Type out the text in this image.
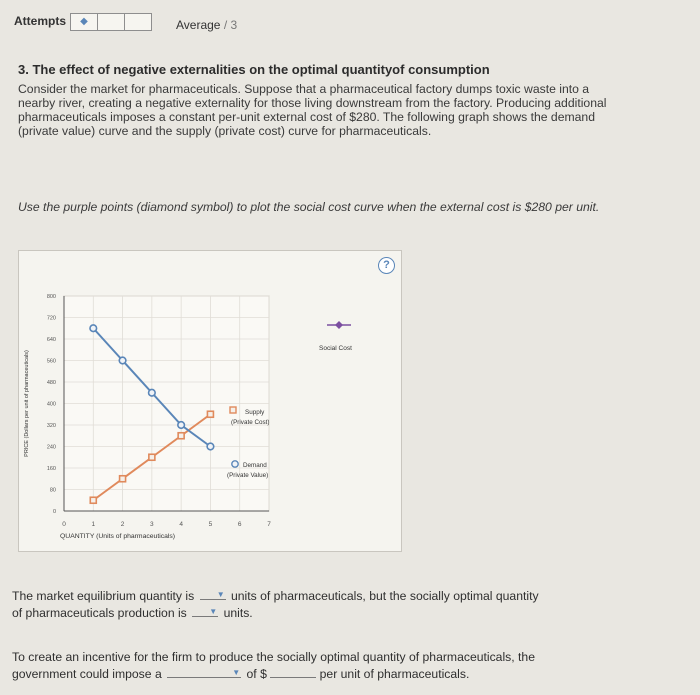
Attempts	◆	Average / 3
3. The effect of negative externalities on the optimal quantityof consumption
Consider the market for pharmaceuticals. Suppose that a pharmaceutical factory dumps toxic waste into a nearby river, creating a negative externality for those living downstream from the factory. Producing additional pharmaceuticals imposes a constant per-unit external cost of $280. The following graph shows the demand (private value) curve and the supply (private cost) curve for pharmaceuticals.
Use the purple points (diamond symbol) to plot the social cost curve when the external cost is $280 per unit.
?
0
80
160
240
320
400
480
560
640
720
800
0	1	2	3	4	5	6	7
QUANTITY (Units of pharmaceuticals)
PRICE (Dollars per unit of pharmaceuticals)
Social Cost
Supply
(Private Cost)
Demand
(Private Value)
The market equilibrium quantity is	▼ units of pharmaceuticals, but the socially optimal quantity
of pharmaceuticals production is	▼ units.
To create an incentive for the firm to produce the socially optimal quantity of pharmaceuticals, the
government could impose a	▼ of $	per unit of pharmaceuticals.
